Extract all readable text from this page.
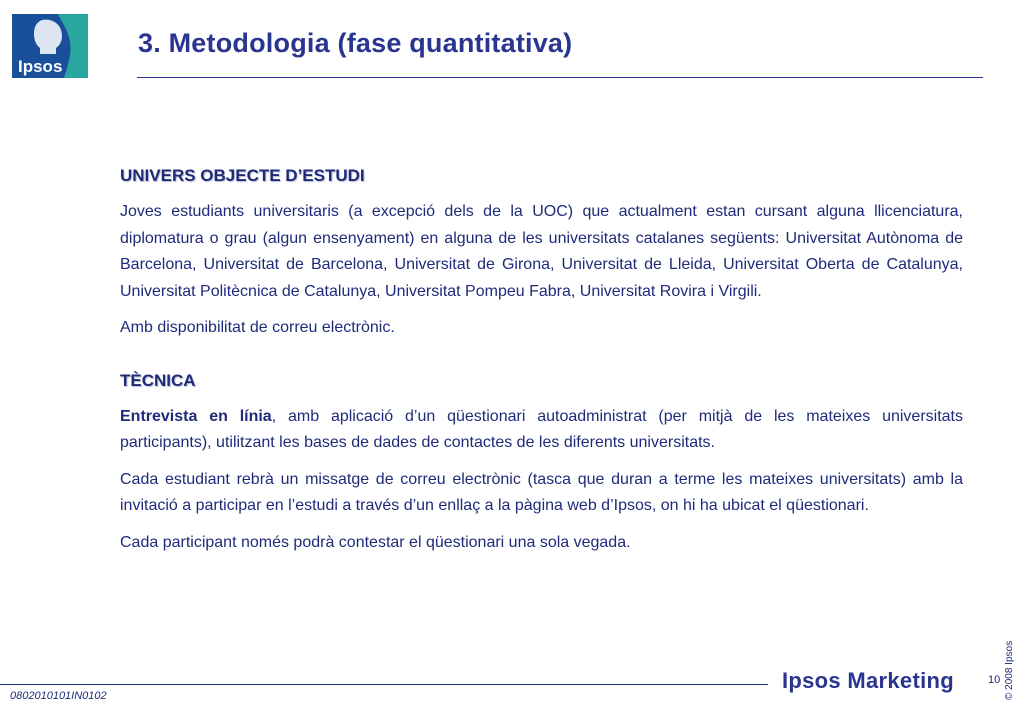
Ipsos
3. Metodologia (fase quantitativa)
UNIVERS OBJECTE D’ESTUDI
Joves estudiants universitaris (a excepció dels de la UOC) que actualment estan cursant alguna llicenciatura, diplomatura o grau (algun ensenyament) en alguna de les universitats catalanes següents: Universitat Autònoma de Barcelona, Universitat de Barcelona, Universitat de Girona, Universitat de Lleida, Universitat Oberta de Catalunya, Universitat Politècnica de Catalunya, Universitat Pompeu Fabra, Universitat Rovira i Virgili.
Amb disponibilitat de correu electrònic.
TÈCNICA
Entrevista en línia, amb aplicació d’un qüestionari autoadministrat (per mitjà de les mateixes universitats participants), utilitzant les bases de dades de contactes de les diferents universitats.
Cada estudiant rebrà un missatge de correu electrònic (tasca que duran a terme les mateixes universitats) amb la invitació a participar en l’estudi a través d’un enllaç a la pàgina web d’Ipsos, on hi ha ubicat el qüestionari.
Cada participant només podrà contestar el qüestionari una sola vegada.
© 2008 Ipsos
0802010101IN0102
Ipsos Marketing	10
